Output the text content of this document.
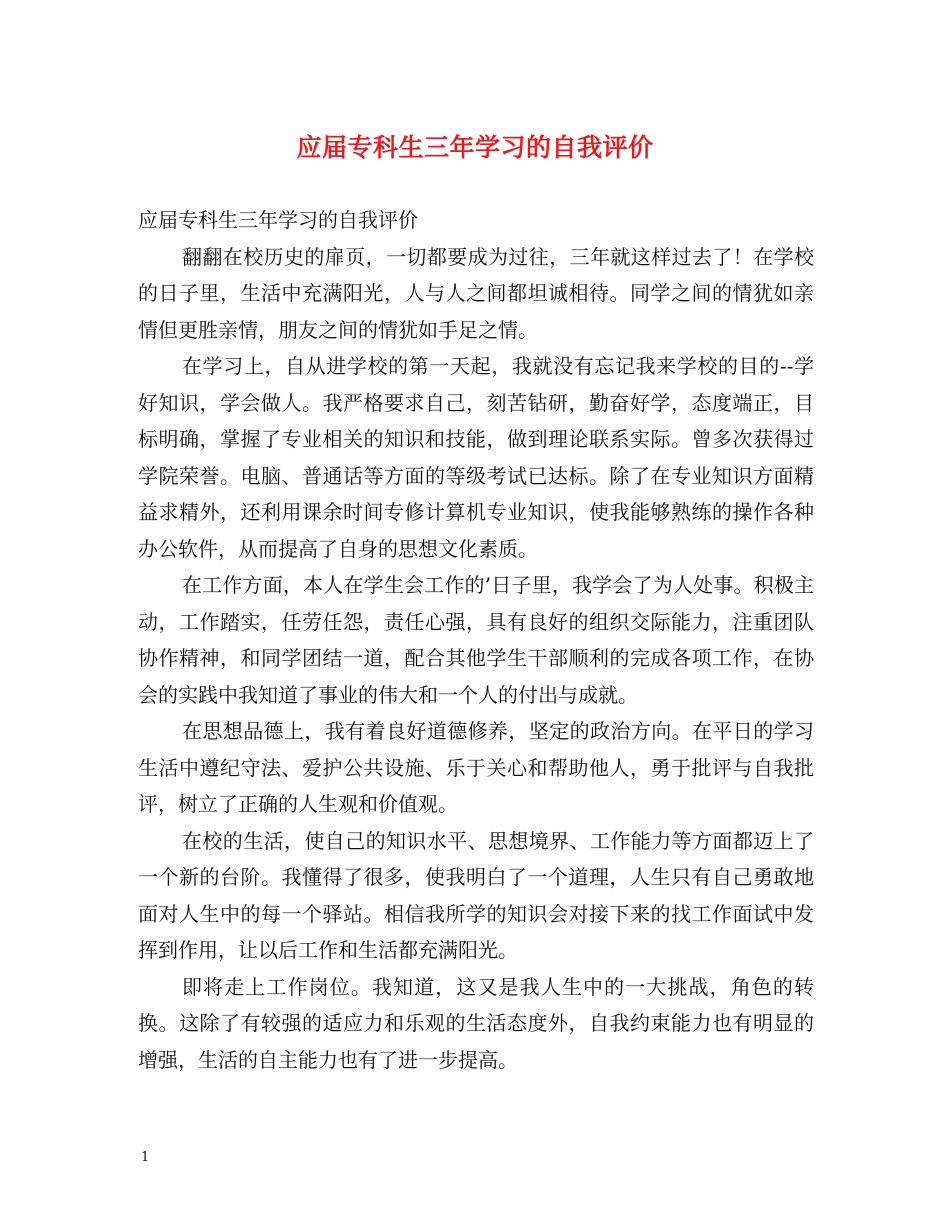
应届专科生三年学习的自我评价

应届专科生三年学习的自我评价

翻翻在校历史的扉页，一切都要成为过往，三年就这样过去了！在学校的日子里，生活中充满阳光，人与人之间都坦诚相待。同学之间的情犹如亲情但更胜亲情，朋友之间的情犹如手足之情。

在学习上，自从进学校的第一天起，我就没有忘记我来学校的目的--学好知识，学会做人。我严格要求自己，刻苦钻研，勤奋好学，态度端正，目标明确，掌握了专业相关的知识和技能，做到理论联系实际。曾多次获得过学院荣誉。电脑、普通话等方面的等级考试已达标。除了在专业知识方面精益求精外，还利用课余时间专修计算机专业知识，使我能够熟练的操作各种办公软件，从而提高了自身的思想文化素质。

在工作方面，本人在学生会工作的’日子里，我学会了为人处事。积极主动，工作踏实，任劳任怨，责任心强，具有良好的组织交际能力，注重团队协作精神，和同学团结一道，配合其他学生干部顺利的完成各项工作，在协会的实践中我知道了事业的伟大和一个人的付出与成就。

在思想品德上，我有着良好道德修养，坚定的政治方向。在平日的学习生活中遵纪守法、爱护公共设施、乐于关心和帮助他人，勇于批评与自我批评，树立了正确的人生观和价值观。

在校的生活，使自己的知识水平、思想境界、工作能力等方面都迈上了一个新的台阶。我懂得了很多，使我明白了一个道理，人生只有自己勇敢地面对人生中的每一个驿站。相信我所学的知识会对接下来的找工作面试中发挥到作用，让以后工作和生活都充满阳光。

即将走上工作岗位。我知道，这又是我人生中的一大挑战，角色的转换。这除了有较强的适应力和乐观的生活态度外，自我约束能力也有明显的增强，生活的自主能力也有了进一步提高。

1
